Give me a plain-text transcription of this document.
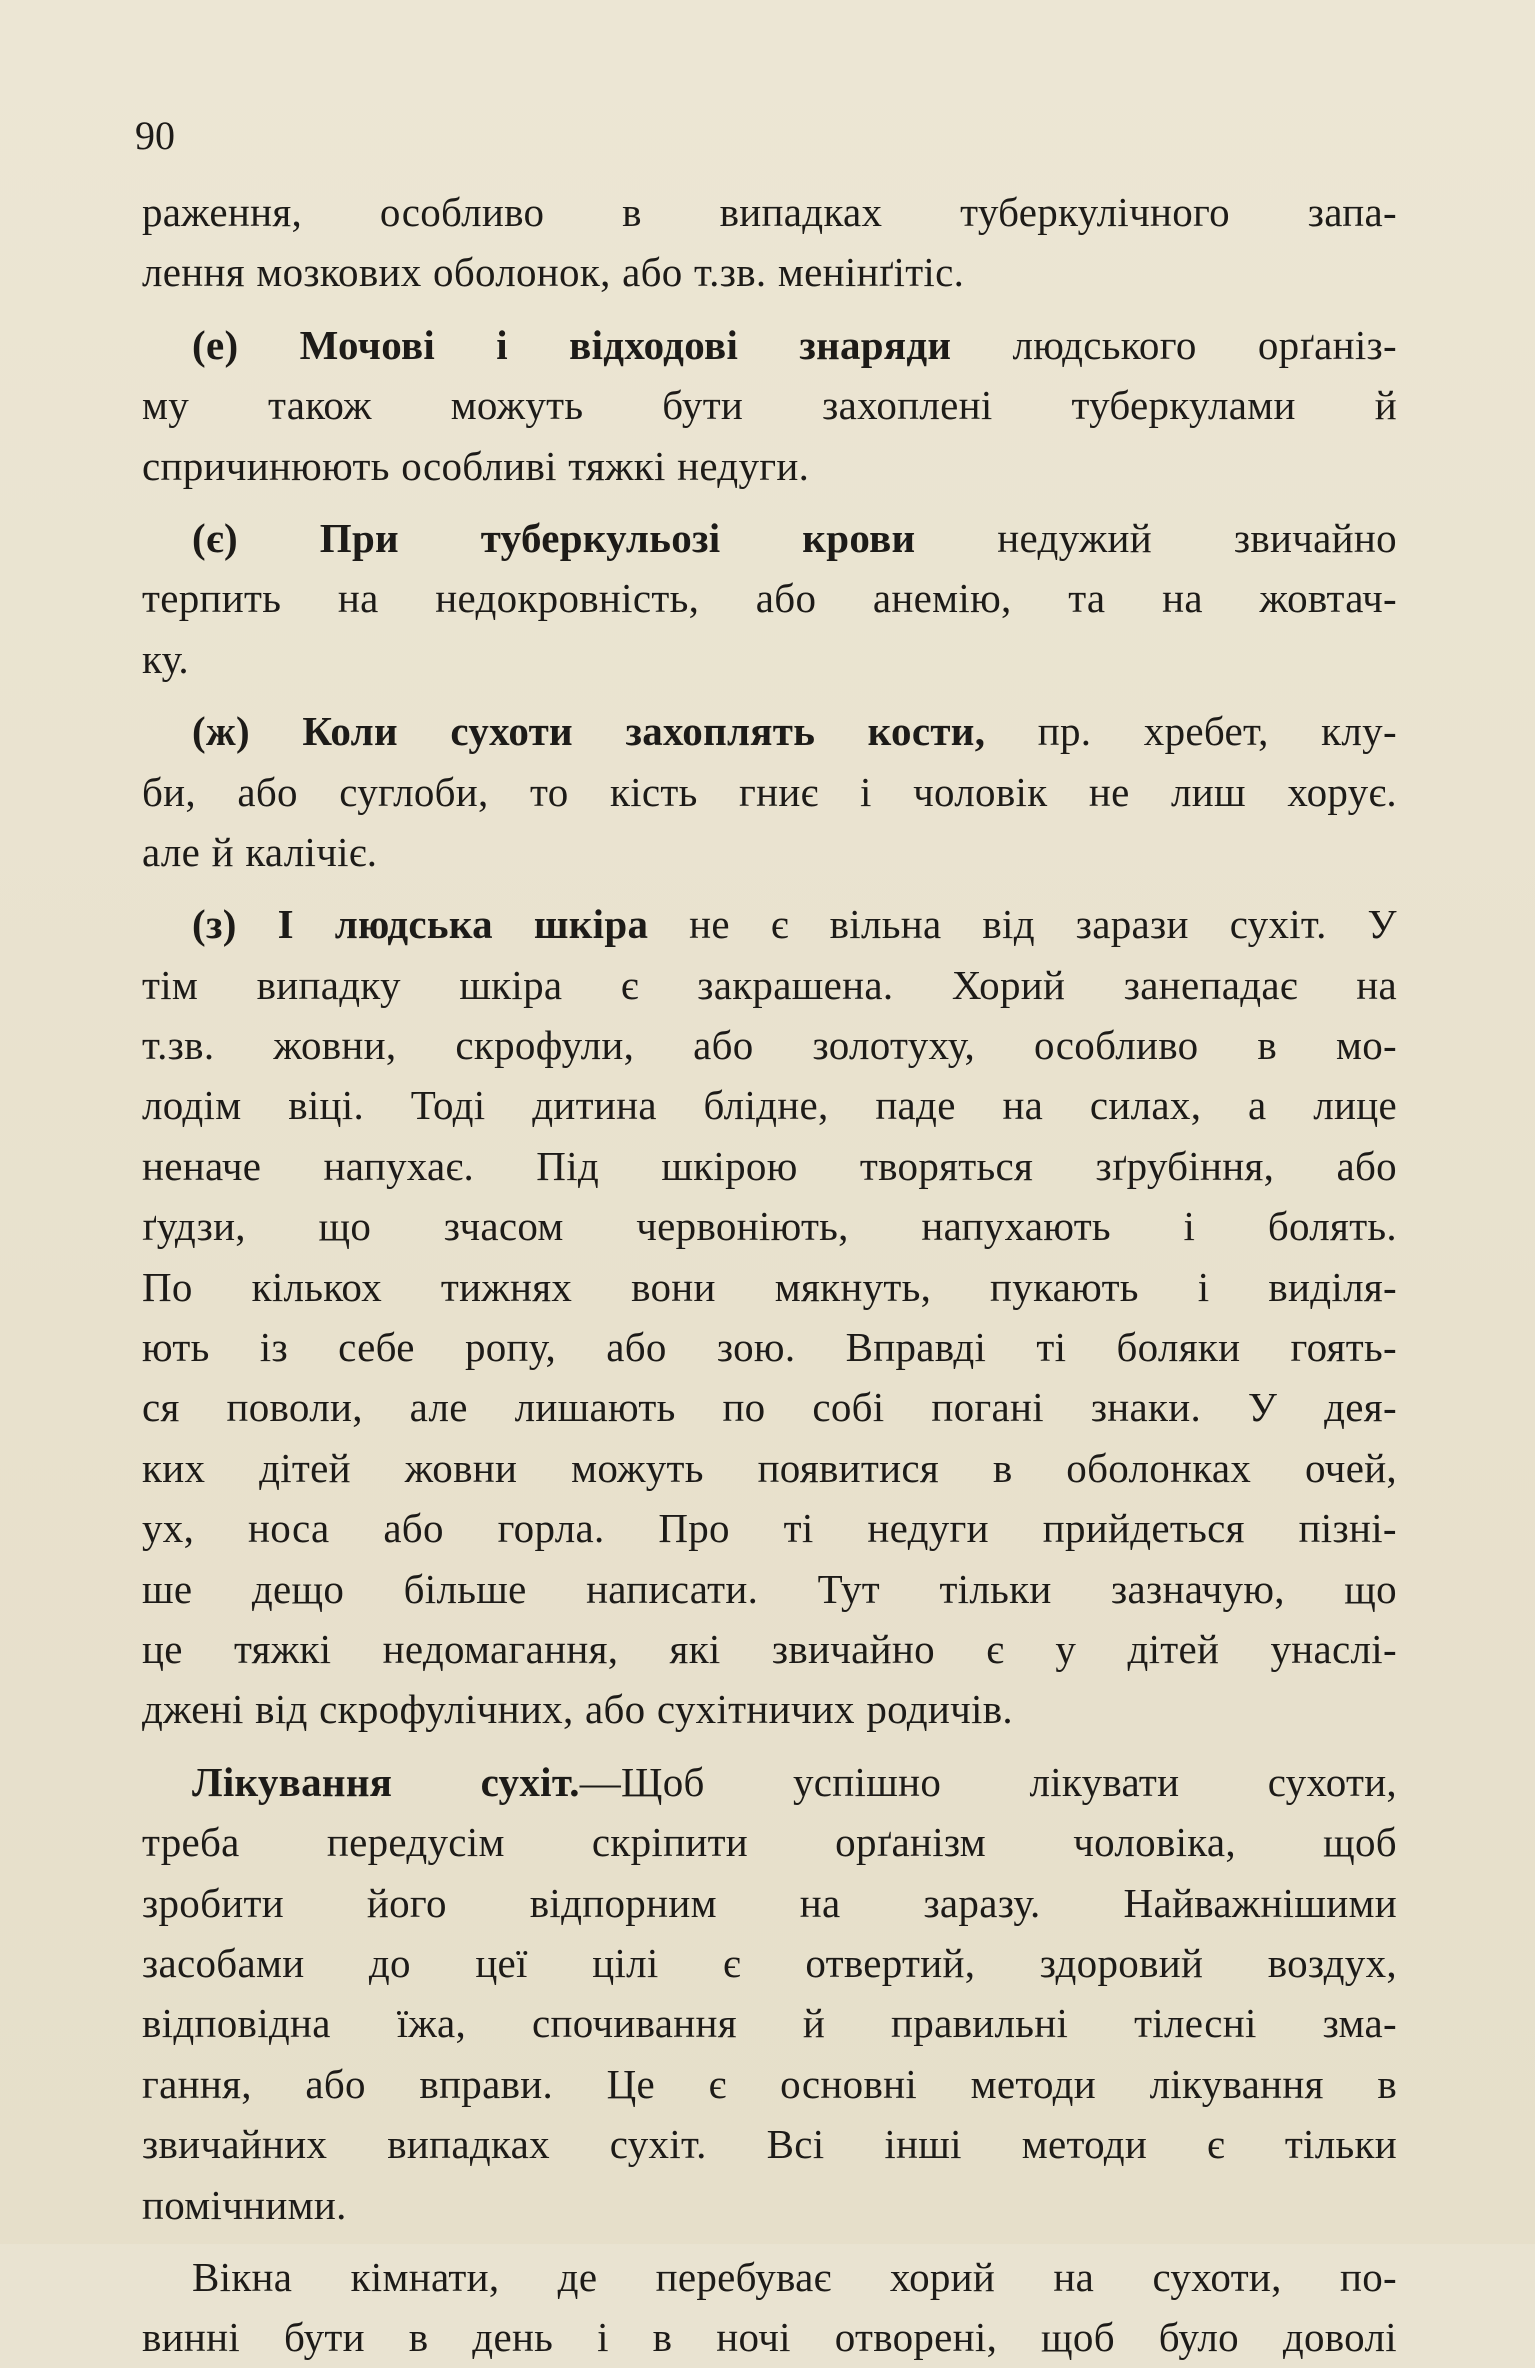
90
раження, особливо в випадках туберкулічного запа-
лення мозкових оболонок, або т.зв. менінґітіс.
(е) Мочові і відходові знаряди людського орґаніз-
му також можуть бути захоплені туберкулами й
спричинюють особливі тяжкі недуги.
(є) При туберкульозі крови недужий звичайно
терпить на недокровність, або анемію, та на жовтач-
ку.
(ж) Коли сухоти захоплять кости, пр. хребет, клу-
би, або суглоби, то кість гниє і чоловік не лиш хорує.
але й калічіє.
(з) І людська шкіра не є вільна від зарази сухіт. У
тім випадку шкіра є закрашена. Хорий занепадає на
т.зв. жовни, скрофули, або золотуху, особливо в мо-
лодім віці. Тоді дитина блідне, паде на силах, а лице
неначе напухає. Під шкірою творяться зґрубіння, або
ґудзи, що зчасом червоніють, напухають і болять.
По кількох тижнях вони мякнуть, пукають і виділя-
ють із себе ропу, або зою. Вправді ті боляки гоять-
ся поволи, але лишають по собі погані знаки. У дея-
ких дітей жовни можуть появитися в оболонках очей,
ух, носа або горла. Про ті недуги прийдеться пізні-
ше дещо більше написати. Тут тільки зазначую, що
це тяжкі недомагання, які звичайно є у дітей унаслі-
джені від скрофулічних, або сухітничих родичів.
Лікування сухіт.—Щоб успішно лікувати сухоти,
треба передусім скріпити орґанізм чоловіка, щоб
зробити його відпорним на заразу. Найважнішими
засобами до цеї цілі є отвертий, здоровий воздух,
відповідна їжа, спочивання й правильні тілесні зма-
гання, або вправи. Це є основні методи лікування в
звичайних випадках сухіт. Всі інші методи є тільки
помічними.
Вікна кімнати, де перебуває хорий на сухоти, по-
винні бути в день і в ночі отворені, щоб було доволі
